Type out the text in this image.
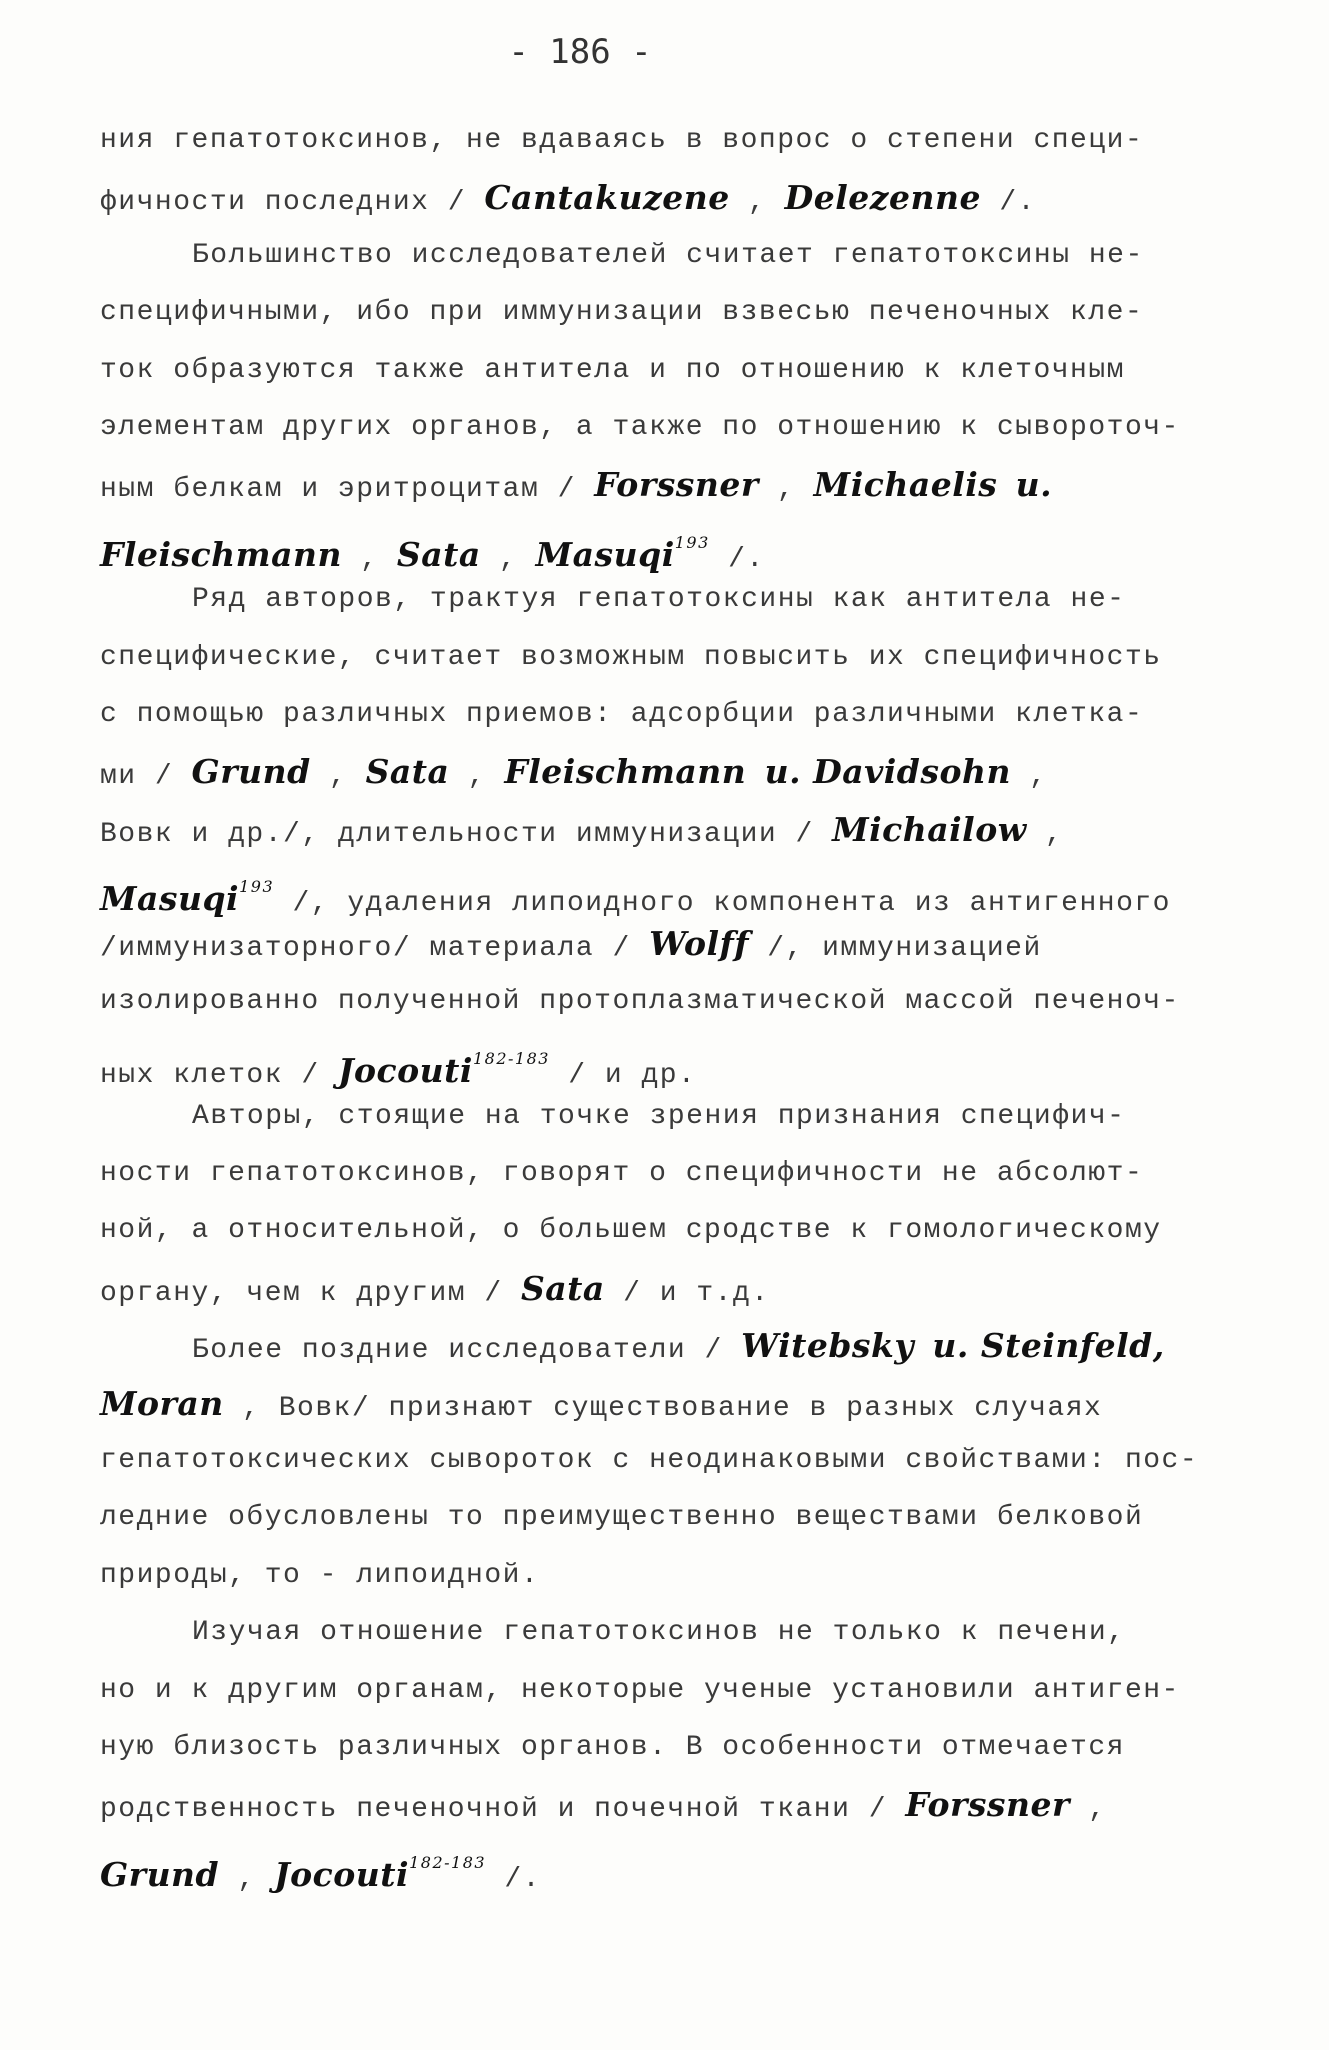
- 186 -
ния гепатотоксинов, не вдаваясь в вопрос о степени специ-
фичности последних / Cantakuzene , Delezenne /.
Большинство исследователей считает гепатотоксины не-
специфичными, ибо при иммунизации взвесью печеночных кле-
ток образуются также антитела и по отношению к клеточным
элементам других органов, а также по отношению к сывороточ-
ным белкам и эритроцитам / Forssner , Michaelis u.
Fleischmann , Sata , Masuqi$^{193}$ /.
Ряд авторов, трактуя гепатотоксины как антитела не-
специфические, считает возможным повысить их специфичность
с помощью различных приемов: адсорбции различными клетка-
ми / Grund , Sata , Fleischmann u. Davidsohn ,
Вовк и др./, длительности иммунизации / Michailow ,
Masuqi$^{193}$ /, удаления липоидного компонента из антигенного
/иммунизаторного/ материала / Wolff /, иммунизацией
изолированно полученной протоплазматической массой печеноч-
ных клеток / Jocouti$^{182-183}$ / и др.
Авторы, стоящие на точке зрения признания специфич-
ности гепатотоксинов, говорят о специфичности не абсолют-
ной, а относительной, о большем сродстве к гомологическому
органу, чем к другим / Sata / и т.д.
Более поздние исследователи / Witebsky u. Steinfeld,
Moran , Вовк/ признают существование в разных случаях
гепатотоксических сывороток с неодинаковыми свойствами: пос-
ледние обусловлены то преимущественно веществами белковой
природы, то - липоидной.
Изучая отношение гепатотоксинов не только к печени,
но и к другим органам, некоторые ученые установили антиген-
ную близость различных органов. В особенности отмечается
родственность печеночной и почечной ткани / Forssner ,
Grund , Jocouti$^{182-183}$ /.
